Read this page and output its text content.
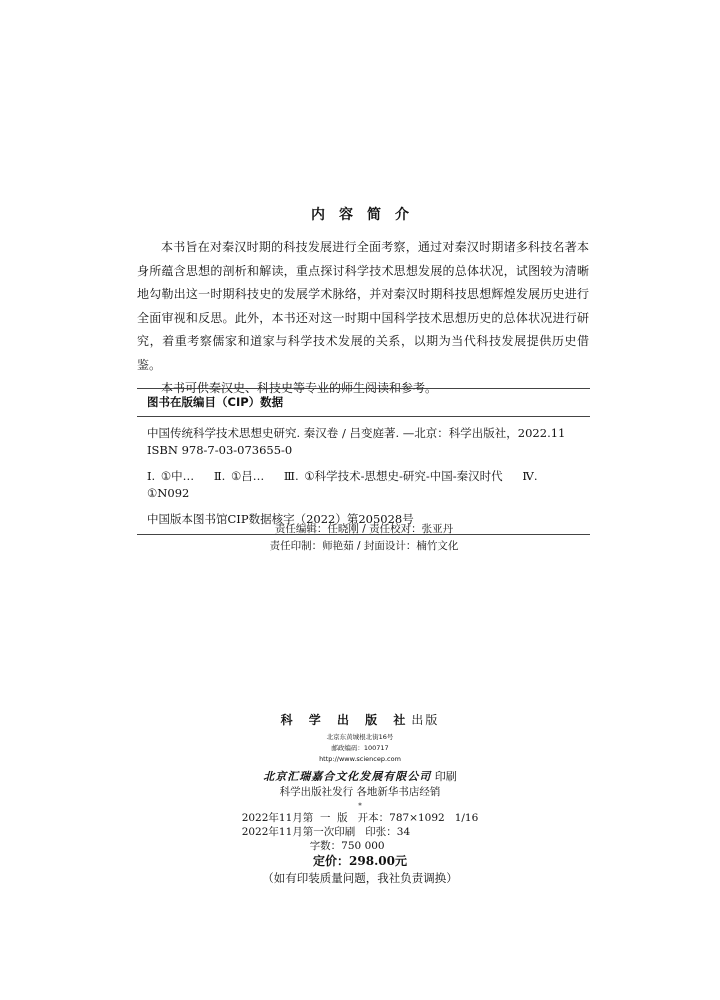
内容简介

本书旨在对秦汉时期的科技发展进行全面考察，通过对秦汉时期诸多科技名著本身所蕴含思想的剖析和解读，重点探讨科学技术思想发展的总体状况，试图较为清晰地勾勒出这一时期科技史的发展学术脉络，并对秦汉时期科技思想辉煌发展历史进行全面审视和反思。此外，本书还对这一时期中国科学技术思想历史的总体状况进行研究，着重考察儒家和道家与科学技术发展的关系，以期为当代科技发展提供历史借鉴。

本书可供秦汉史、科技史等专业的师生阅读和参考。

图书在版编目（CIP）数据
中国传统科学技术思想史研究. 秦汉卷 / 吕变庭著. —北京：科学出版社，2022.11
ISBN 978-7-03-073655-0
Ⅰ. ①中… Ⅱ. ①吕… Ⅲ. ①科学技术-思想史-研究-中国-秦汉时代 Ⅳ. ①N092
中国版本图书馆CIP数据核字（2022）第205028号
责任编辑：任晓刚 / 责任校对：张亚丹
责任印制：师艳茹 / 封面设计：楠竹文化
科 学 出 版 社出版
北京东黄城根北街16号
邮政编码：100717
http://www.sciencep.com
北京汇瑞嘉合文化发展有限公司 印刷
科学出版社发行 各地新华书店经销
*
2022年11月第  一  版   开本：787×1092   1/16
2022年11月第一次印刷   印张：34
字数：750 000
定价：298.00元
（如有印装质量问题，我社负责调换）
